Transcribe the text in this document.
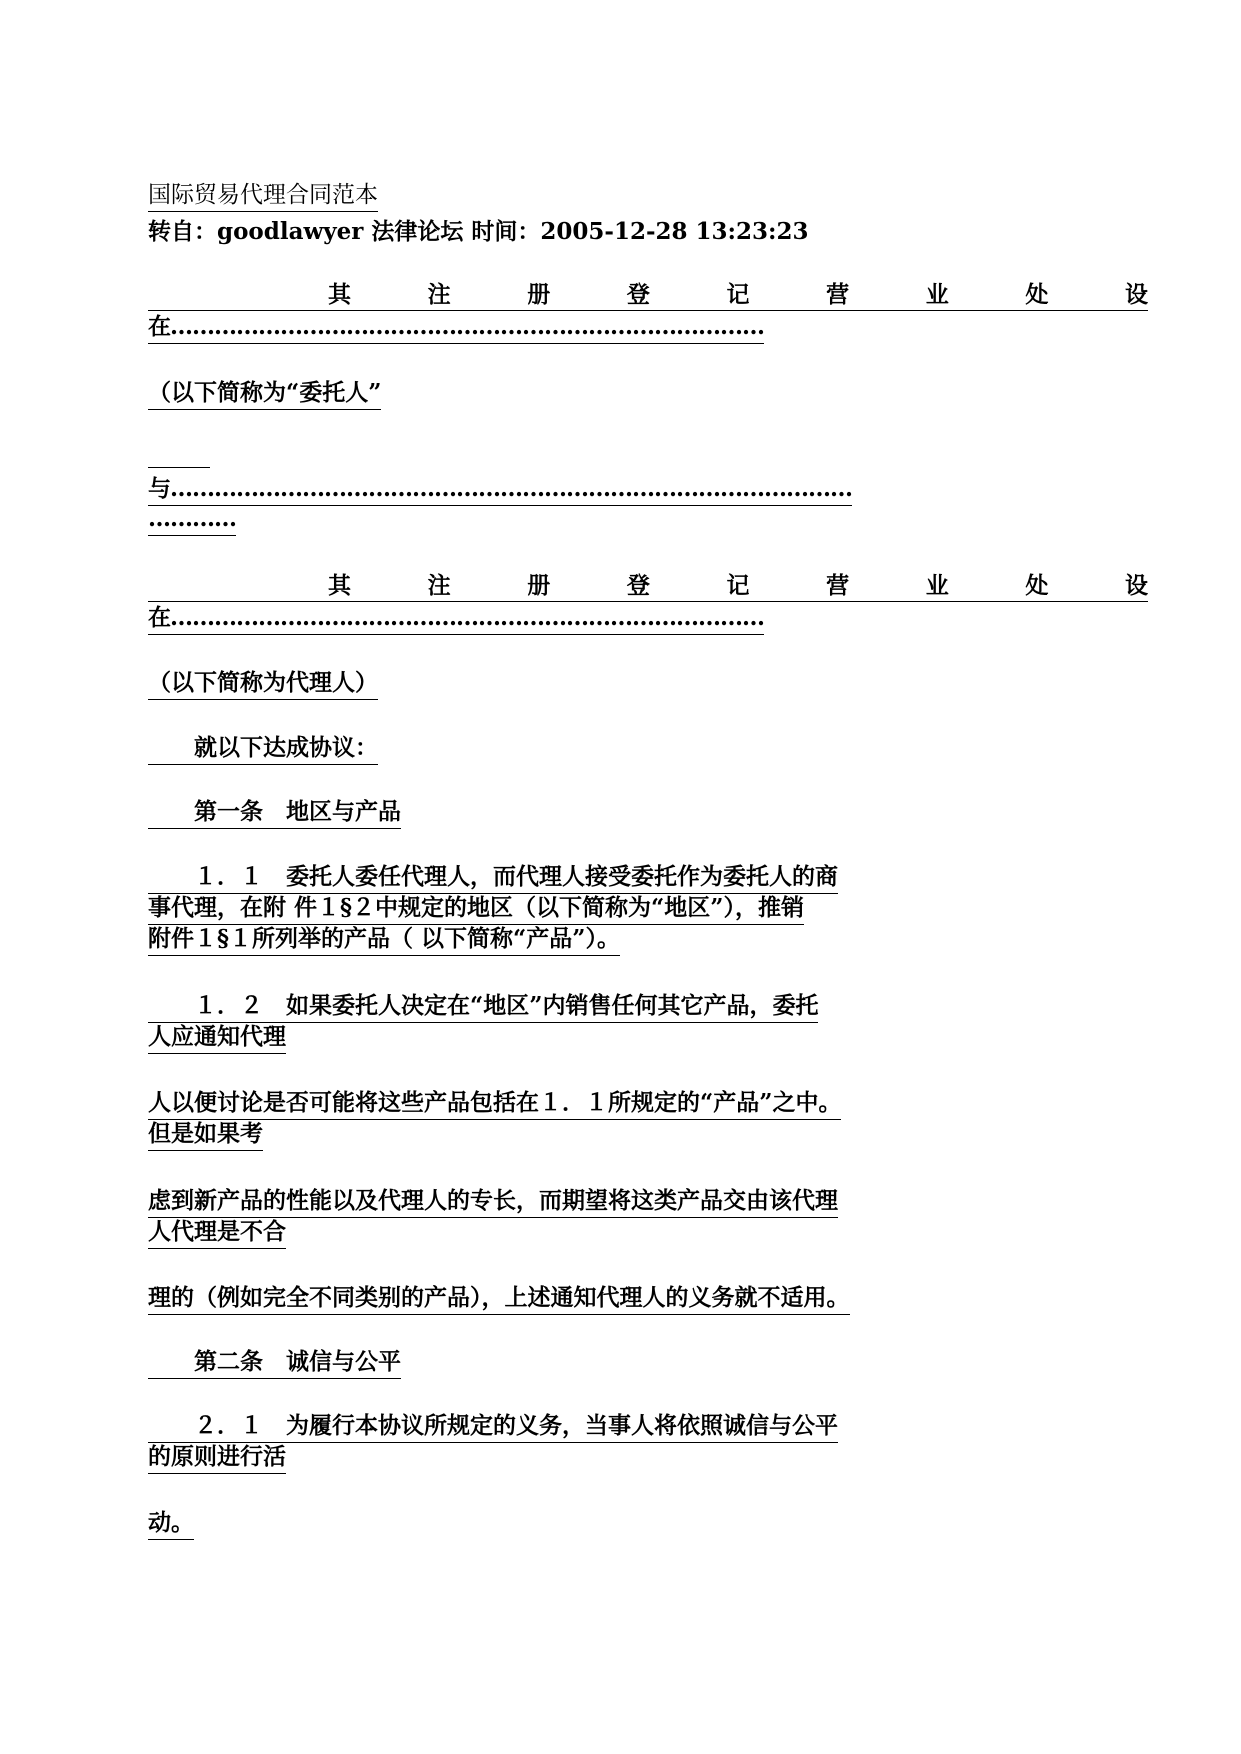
国际贸易代理合同范本

转自：goodlawyer 法律论坛 时间：2005-12-28 13:23:23

其	注	册	登	记	营	业	处	设

在………………………………………………………………………

（以下简称为“委托人”

与…………………………………………………………………………………

…………

其	注	册	登	记	营	业	处	设

在………………………………………………………………………

（以下简称为代理人）

　　就以下达成协议：

　　第一条　地区与产品

　　１．１　委托人委任代理人，而代理人接受委托作为委托人的商

事代理，在附 件１§２中规定的地区（以下简称为“地区”），推销

附件１§１所列举的产品（ 以下简称“产品”）。

　　１．２　如果委托人决定在“地区”内销售任何其它产品，委托

人应通知代理

人以便讨论是否可能将这些产品包括在１．１所规定的“产品”之中。

但是如果考

虑到新产品的性能以及代理人的专长，而期望将这类产品交由该代理

人代理是不合

理的（例如完全不同类别的产品），上述通知代理人的义务就不适用。

　　第二条　诚信与公平

　　２．１　为履行本协议所规定的义务，当事人将依照诚信与公平

的原则进行活

动。
